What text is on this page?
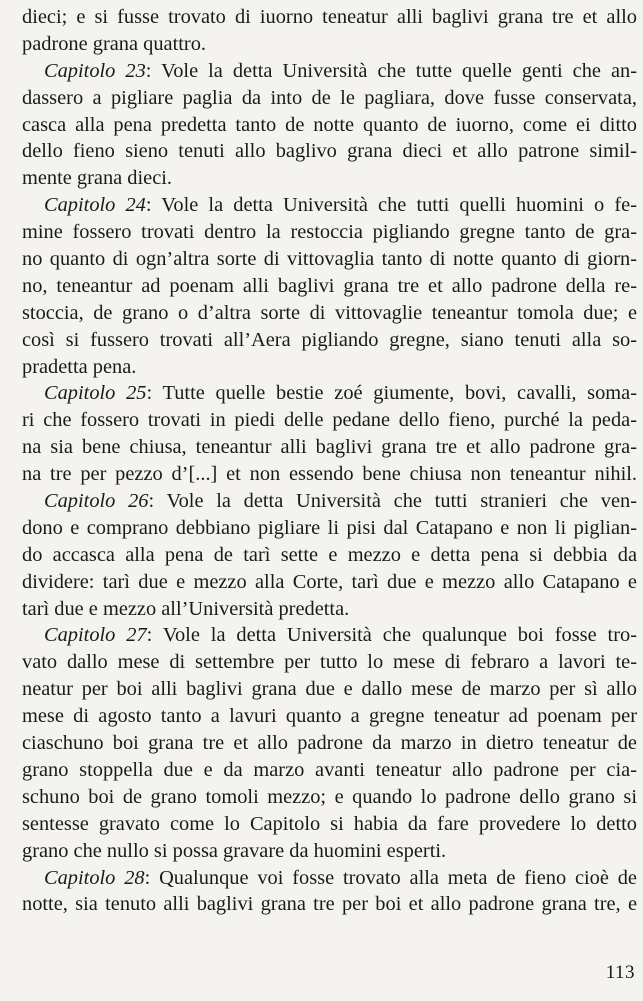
dieci; e si fusse trovato di iuorno teneatur alli baglivi grana tre et allo
padrone grana quattro.
Capitolo 23: Vole la detta Università che tutte quelle genti che an-
dassero a pigliare paglia da into de le pagliara, dove fusse conservata,
casca alla pena predetta tanto de notte quanto de iuorno, come ei ditto
dello fieno sieno tenuti allo baglivo grana dieci et allo patrone simil-
mente grana dieci.
Capitolo 24: Vole la detta Università che tutti quelli huomini o fe-
mine fossero trovati dentro la restoccia pigliando gregne tanto de gra-
no quanto di ogn’altra sorte di vittovaglia tanto di notte quanto di giorn-
no, teneantur ad poenam alli baglivi grana tre et allo padrone della re-
stoccia, de grano o d’altra sorte di vittovaglie teneantur tomola due; e
così si fussero trovati all’Aera pigliando gregne, siano tenuti alla so-
pradetta pena.
Capitolo 25: Tutte quelle bestie zoé giumente, bovi, cavalli, soma-
ri che fossero trovati in piedi delle pedane dello fieno, purché la peda-
na sia bene chiusa, teneantur alli baglivi grana tre et allo padrone gra-
na tre per pezzo d’[...] et non essendo bene chiusa non teneantur nihil.
Capitolo 26: Vole la detta Università che tutti stranieri che ven-
dono e comprano debbiano pigliare li pisi dal Catapano e non li piglian-
do accascа alla pena de tarì sette e mezzo e detta pena si debbia da
dividere: tarì due e mezzo alla Corte, tarì due e mezzo allo Catapano e
tarì due e mezzo all’Università predetta.
Capitolo 27: Vole la detta Università che qualunque boi fosse tro-
vato dallo mese di settembre per tutto lo mese di febraro a lavori te-
neatur per boi alli baglivi grana due e dallo mese de marzo per sì allo
mese di agosto tanto a lavuri quanto a gregne teneatur ad poenam per
ciaschuno boi grana tre et allo padrone da marzo in dietro teneatur de
grano stoppella due e da marzo avanti teneatur allo padrone per cia-
schuno boi de grano tomoli mezzo; e quando lo padrone dello grano si
sentesse gravato come lo Capitolo si habia da fare provedere lo detto
grano che nullo si possa gravare da huomini esperti.
Capitolo 28: Qualunque voi fosse trovato alla meta de fieno cioè de
notte, sia tenuto alli baglivi grana tre per boi et allo padrone grana tre, e
113
